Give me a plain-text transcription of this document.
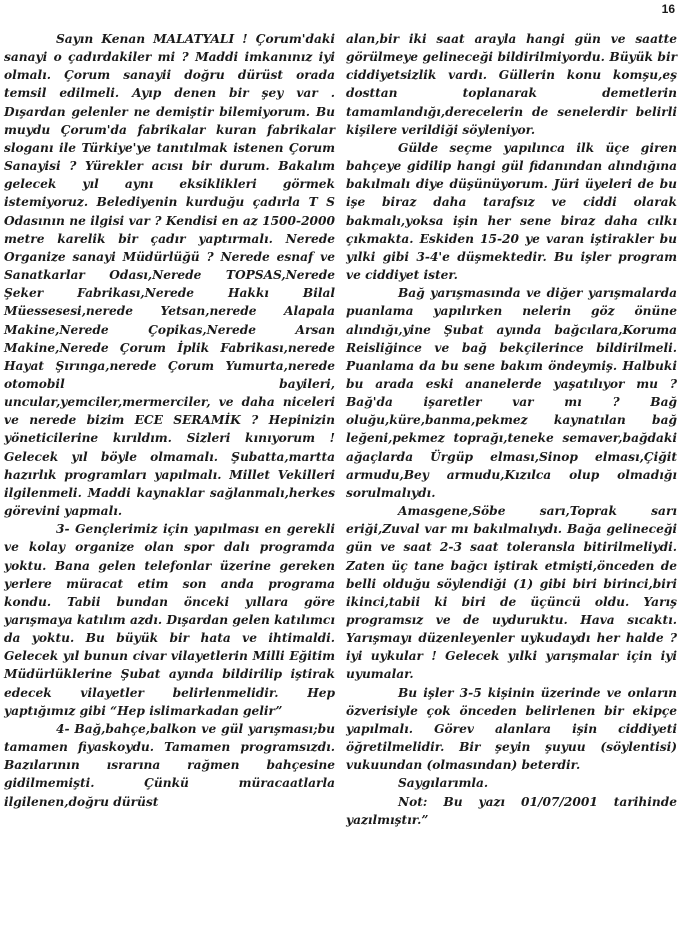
16

Sayın Kenan MALATYALI ! Çorum'daki sanayi o çadırdakiler mi ? Maddi imkanınız iyi olmalı. Çorum sanayii doğru dürüst orada temsil edilmeli. Ayıp denen bir şey var . Dışardan gelenler ne demiştir bilemiyorum. Bu muydu Çorum'da fabrikalar kuran fabrikalar sloganı ile Türkiye'ye tanıtılmak istenen Çorum Sanayisi ? Yürekler acısı bir durum. Bakalım gelecek yıl aynı eksiklikleri görmek istemiyoruz. Belediyenin kurduğu çadırla T S Odasının ne ilgisi var ? Kendisi en az 1500-2000 metre karelik bir çadır yaptırmalı. Nerede Organize sanayi Müdürlüğü ? Nerede esnaf ve Sanatkarlar Odası,Nerede TOPSAS,Nerede Şeker Fabrikası,Nerede Hakkı Bilal Müessesesi,nerede Yetsan,nerede Alapala Makine,Nerede Çopikas,Nerede Arsan Makine,Nerede Çorum İplik Fabrikası,nerede Hayat Şırınga,nerede Çorum Yumurta,nerede otomobil bayileri, uncular,yemciler,mermerciler, ve daha niceleri ve nerede bizim ECE SERAMİK ? Hepinizin yöneticilerine kırıldım. Sizleri kınıyorum ! Gelecek yıl böyle olmamalı. Şubatta,martta hazırlık programları yapılmalı. Millet Vekilleri ilgilenmeli. Maddi kaynaklar sağlanmalı,herkes görevini yapmalı.

3- Gençlerimiz için yapılması en gerekli ve kolay organize olan spor dalı programda yoktu. Bana gelen telefonlar üzerine gereken yerlere müracat etim son anda programa kondu. Tabii bundan önceki yıllara göre yarışmaya katılım azdı. Dışardan gelen katılımcı da yoktu. Bu büyük bir hata ve ihtimaldi. Gelecek yıl bunun civar vilayetlerin Milli Eğitim Müdürlüklerine Şubat ayında bildirilip iştirak edecek vilayetler belirlenmelidir. Hep yaptığımız gibi “Hep islimarkadan gelir”

4- Bağ,bahçe,balkon ve gül yarışması;bu tamamen fiyaskoydu. Tamamen programsızdı. Bazılarının ısrarına rağmen bahçesine gidilmemişti. Çünkü müracaatlarla ilgilenen,doğru dürüst

alan,bir iki saat arayla hangi gün ve saatte görülmeye gelineceği bildirilmiyordu. Büyük bir ciddiyetsizlik vardı. Güllerin konu komşu,eş dosttan toplanarak demetlerin tamamlandığı,derecelerin de senelerdir belirli kişilere verildiği söyleniyor.

Gülde seçme yapılınca ilk üçe giren bahçeye gidilip hangi gül fidanından alındığına bakılmalı diye düşünüyorum. Jüri üyeleri de bu işe biraz daha tarafsız ve ciddi olarak bakmalı,yoksa işin her sene biraz daha cılkı çıkmakta. Eskiden 15-20 ye varan iştirakler bu yılki gibi 3-4'e düşmektedir. Bu işler program ve ciddiyet ister.

Bağ yarışmasında ve diğer yarışmalarda puanlama yapılırken nelerin göz önüne alındığı,yine Şubat ayında bağcılara,Koruma Reisliğince ve bağ bekçilerince bildirilmeli. Puanlama da bu sene bakım öndeymiş. Halbuki bu arada eski ananelerde yaşatılıyor mu ? Bağ'da işaretler var mı ? Bağ oluğu,küre,banma,pekmez kaynatılan bağ leğeni,pekmez toprağı,teneke semaver,bağdaki ağaçlarda Ürgüp elması,Sinop elması,Çiğit armudu,Bey armudu,Kızılca olup olmadığı sorulmalıydı.

Amasgene,Söbe sarı,Toprak sarı eriği,Zuval var mı bakılmalıydı. Bağa gelineceği gün ve saat 2-3 saat toleransla bitirilmeliydi. Zaten üç tane bağcı iştirak etmişti,önceden de belli olduğu söylendiği (1) gibi biri birinci,biri ikinci,tabii ki biri de üçüncü oldu. Yarış programsız ve de uyduruktu. Hava sıcaktı. Yarışmayı düzenleyenler uykudaydı her halde ? iyi uykular ! Gelecek yılki yarışmalar için iyi uyumalar.

Bu işler 3-5 kişinin üzerinde ve onların özverisiyle çok önceden belirlenen bir ekipçe yapılmalı. Görev alanlara işin ciddiyeti öğretilmelidir. Bir şeyin şuyuu (söylentisi) vukuundan (olmasından) beterdir.

Saygılarımla.

Not: Bu yazı 01/07/2001 tarihinde yazılmıştır.”
